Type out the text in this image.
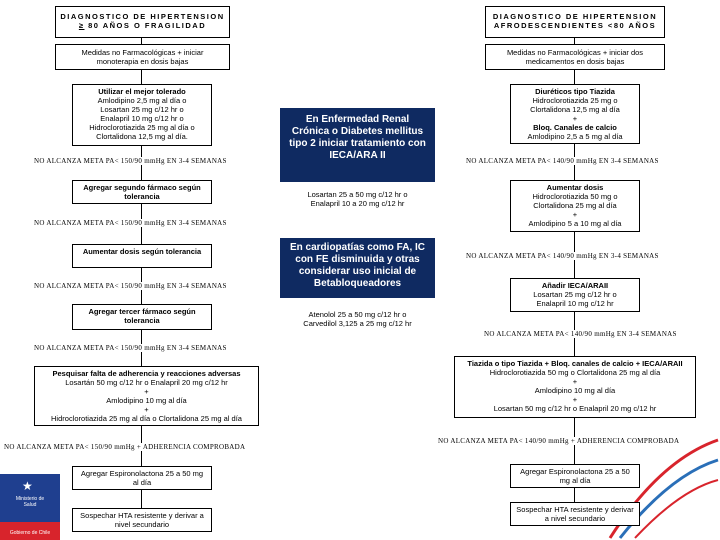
DIAGNOSTICO DE HIPERTENSION
≥ 80 AÑOS O FRAGILIDAD
Medidas no Farmacológicas + iniciar monoterapia en dosis bajas
Utilizar el mejor tolerado
Amlodipino 2,5 mg al día o
Losartan 25 mg c/12 hr o
Enalapril 10 mg c/12 hr o
Hidroclorotiazida 25 mg al día o
Clortalidona 12,5 mg al día.
NO ALCANZA META PA< 150/90 mmHg EN 3-4 SEMANAS
Agregar segundo fármaco según tolerancia
NO ALCANZA META PA< 150/90 mmHg EN 3-4 SEMANAS
Aumentar dosis según tolerancia
NO ALCANZA META PA< 150/90 mmHg EN 3-4 SEMANAS
Agregar tercer fármaco según tolerancia
NO ALCANZA META PA< 150/90 mmHg EN 3-4 SEMANAS
Pesquisar falta de adherencia y reacciones adversas
Losartán 50 mg c/12 hr o Enalapril 20 mg c/12 hr
+
Amlodipino 10 mg al día
+
Hidroclorotiazida 25 mg al día o Clortalidona 25 mg al día
NO ALCANZA META PA< 150/90 mmHg + ADHERENCIA COMPROBADA
Agregar Espironolactona 25 a 50 mg al día
Sospechar HTA resistente y derivar a nivel secundario
En Enfermedad Renal Crónica o Diabetes mellitus tipo 2 iniciar tratamiento con IECA/ARA II
Losartan 25 a 50 mg c/12 hr o
Enalapril 10 a 20 mg c/12 hr
En cardiopatías como FA, IC con FE disminuida y otras considerar uso inicial de Betabloqueadores
Atenolol 25 a 50 mg c/12 hr o
Carvedilol 3,125 a 25 mg c/12 hr
DIAGNOSTICO DE HIPERTENSION
AFRODESCENDIENTES <80 AÑOS
Medidas no Farmacológicas + iniciar dos medicamentos en dosis bajas
Diuréticos tipo Tiazida
Hidroclorotiazida 25 mg o
Clortalidona 12,5 mg al día
+
Bloq. Canales de calcio
Amlodipino 2,5 a 5 mg al día
NO ALCANZA META PA< 140/90 mmHg EN 3-4 SEMANAS
Aumentar dosis
Hidroclorotiazida 50 mg o
Clortalidona 25 mg al día
+
Amlodipino 5 a 10 mg al día
NO ALCANZA META PA< 140/90 mmHg EN 3-4 SEMANAS
Añadir IECA/ARAII
Losartan 25 mg c/12 hr o
Enalapril 10 mg c/12 hr
NO ALCANZA META PA< 140/90 mmHg EN 3-4 SEMANAS
Tiazida o tipo Tiazida + Bloq. canales de calcio + IECA/ARAII
Hidroclorotiazida 50 mg o Clortalidona 25 mg al día
+
Amlodipino 10 mg al día
+
Losartan 50 mg c/12 hr o Enalapril 20 mg c/12 hr
NO ALCANZA META PA< 140/90 mmHg + ADHERENCIA COMPROBADA
Agregar Espironolactona 25 a 50 mg al día
Sospechar HTA resistente y derivar a nivel secundario
★
Ministerio de
Salud
Gobierno de Chile
